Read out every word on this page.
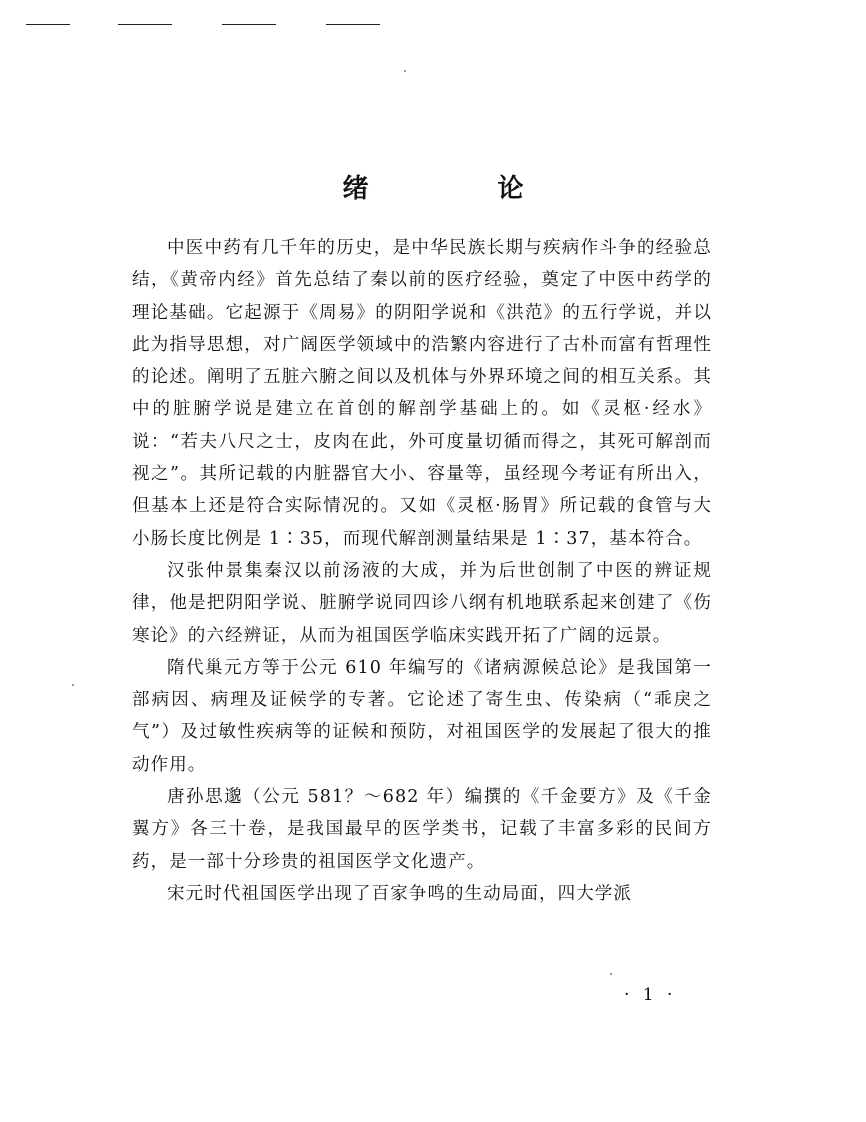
绪 论

中医中药有几千年的历史，是中华民族长期与疾病作斗争的经验总结，《黄帝内经》首先总结了秦以前的医疗经验，奠定了中医中药学的理论基础。它起源于《周易》的阴阳学说和《洪范》的五行学说，并以此为指导思想，对广阔医学领域中的浩繁内容进行了古朴而富有哲理性的论述。阐明了五脏六腑之间以及机体与外界环境之间的相互关系。其中的脏腑学说是建立在首创的解剖学基础上的。如《灵枢·经水》说：“若夫八尺之士，皮肉在此，外可度量切循而得之，其死可解剖而视之”。其所记载的内脏器官大小、容量等，虽经现今考证有所出入，但基本上还是符合实际情况的。又如《灵枢·肠胃》所记载的食管与大小肠长度比例是 1∶35，而现代解剖测量结果是 1∶37，基本符合。

汉张仲景集秦汉以前汤液的大成，并为后世创制了中医的辨证规律，他是把阴阳学说、脏腑学说同四诊八纲有机地联系起来创建了《伤寒论》的六经辨证，从而为祖国医学临床实践开拓了广阔的远景。

隋代巢元方等于公元 610 年编写的《诸病源候总论》是我国第一部病因、病理及证候学的专著。它论述了寄生虫、传染病（“乖戾之气”）及过敏性疾病等的证候和预防，对祖国医学的发展起了很大的推动作用。

唐孙思邈（公元 581？～682 年）编撰的《千金要方》及《千金翼方》各三十卷，是我国最早的医学类书，记载了丰富多彩的民间方药，是一部十分珍贵的祖国医学文化遗产。

宋元时代祖国医学出现了百家争鸣的生动局面，四大学派

· 1 ·
